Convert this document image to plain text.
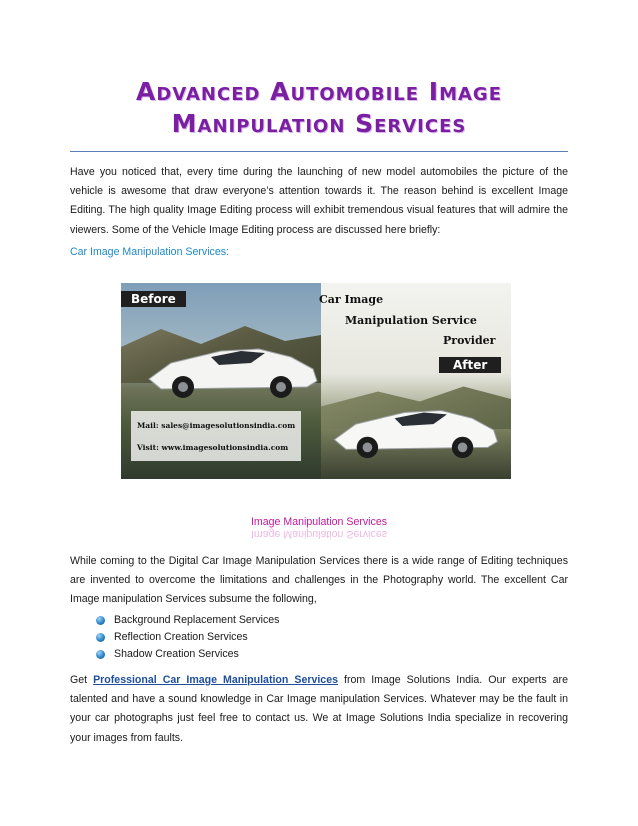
Advanced Automobile Image
Manipulation Services
Have you noticed that, every time during the launching of new model automobiles the picture of the vehicle is awesome that draw everyone’s attention towards it. The reason behind is excellent Image Editing. The high quality Image Editing process will exhibit tremendous visual features that will admire the viewers. Some of the Vehicle Image Editing process are discussed here briefly:
Car Image Manipulation Services:
Before
After
Car Image
Manipulation Service
Provider
Mail: sales@imagesolutionsindia.com
Visit: www.imagesolutionsindia.com
Image Manipulation Services
Image Manipulation Services
While coming to the Digital Car Image Manipulation Services there is a wide range of Editing techniques are invented to overcome the limitations and challenges in the Photography world. The excellent Car Image manipulation Services subsume the following,
Background Replacement Services
Reflection Creation Services
Shadow Creation Services
Get Professional Car Image Manipulation Services from Image Solutions India. Our experts are talented and have a sound knowledge in Car Image manipulation Services. Whatever may be the fault in your car photographs just feel free to contact us. We at Image Solutions India specialize in recovering your images from faults.
